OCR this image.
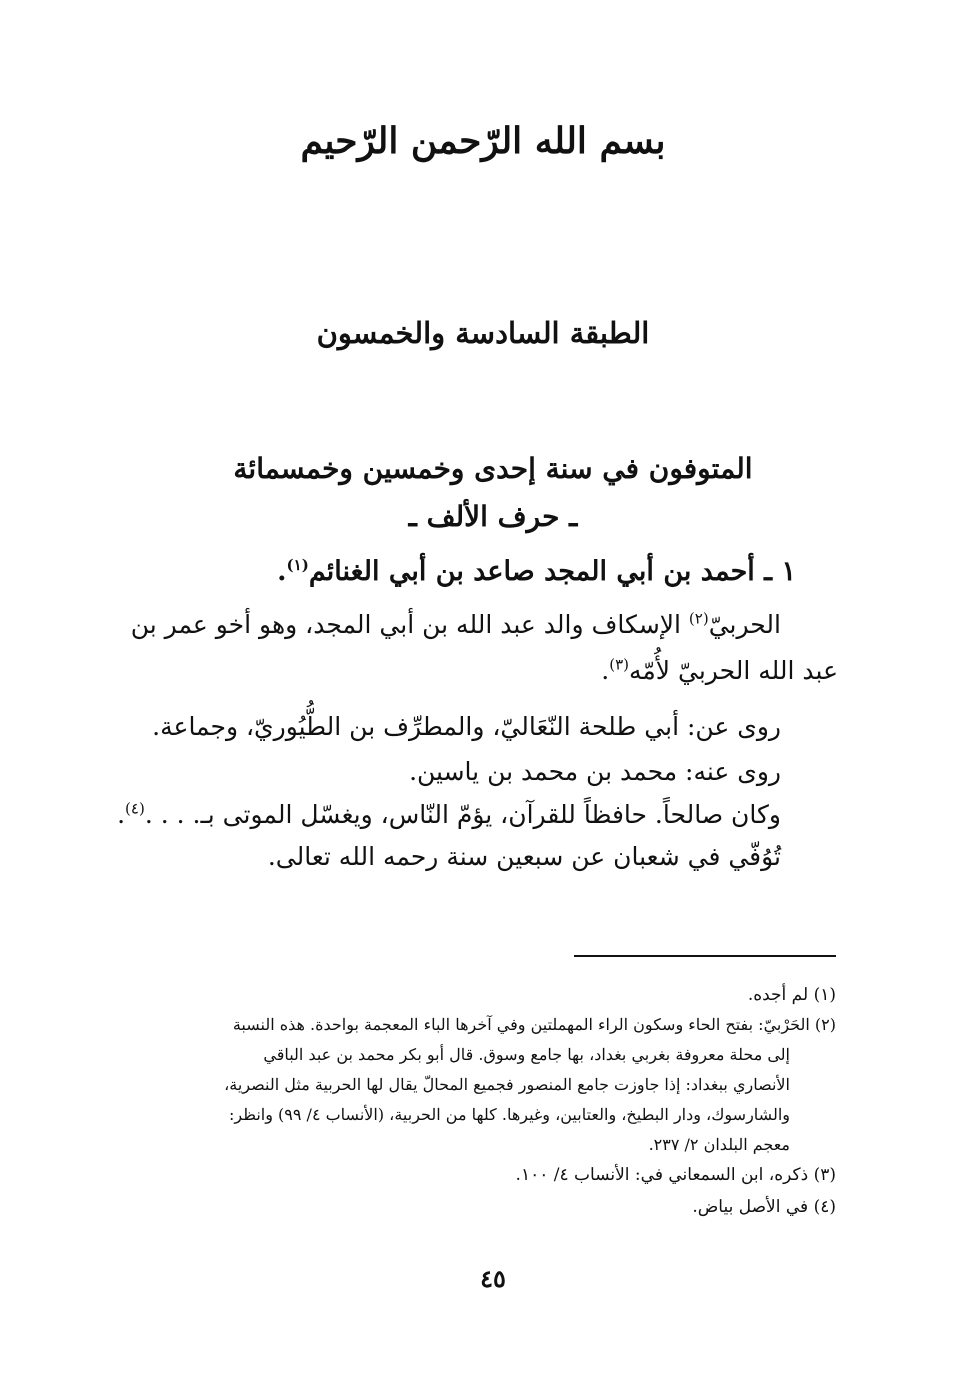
بسم الله الرّحمن الرّحيم
الطبقة السادسة والخمسون
المتوفون في سنة إحدى وخمسين وخمسمائة
ـ حرف الألف ـ
١ ـ أحمد بن أبي المجد صاعد بن أبي الغنائم$^{(١)}$.
الحربيّ$^{(٢)}$ الإسكاف والد عبد الله بن أبي المجد، وهو أخو عمر بن
عبد الله الحربيّ لأُمّه$^{(٣)}$.
روى عن: أبي طلحة النّعَاليّ، والمطرِّف بن الطُّيُوريّ، وجماعة.
روى عنه: محمد بن محمد بن ياسين.
وكان صالحاً. حافظاً للقرآن، يؤمّ النّاس، ويغسّل الموتى بـ. . . .$^{(٤)}$.
تُوُفّي في شعبان عن سبعين سنة رحمه الله تعالى.
(١) لم أجده.
(٢) الحَرْبيّ: بفتح الحاء وسكون الراء المهملتين وفي آخرها الباء المعجمة بواحدة. هذه النسبة
إلى محلة معروفة بغربي بغداد، بها جامع وسوق. قال أبو بكر محمد بن عبد الباقي
الأنصاري ببغداد: إذا جاوزت جامع المنصور فجميع المحالّ يقال لها الحربية مثل النصرية،
والشارسوك، ودار البطيخ، والعتابين، وغيرها. كلها من الحربية، (الأنساب ٤/ ٩٩) وانظر:
معجم البلدان ٢/ ٢٣٧.
(٣) ذكره، ابن السمعاني في: الأنساب ٤/ ١٠٠.
(٤) في الأصل بياض.
٤٥
